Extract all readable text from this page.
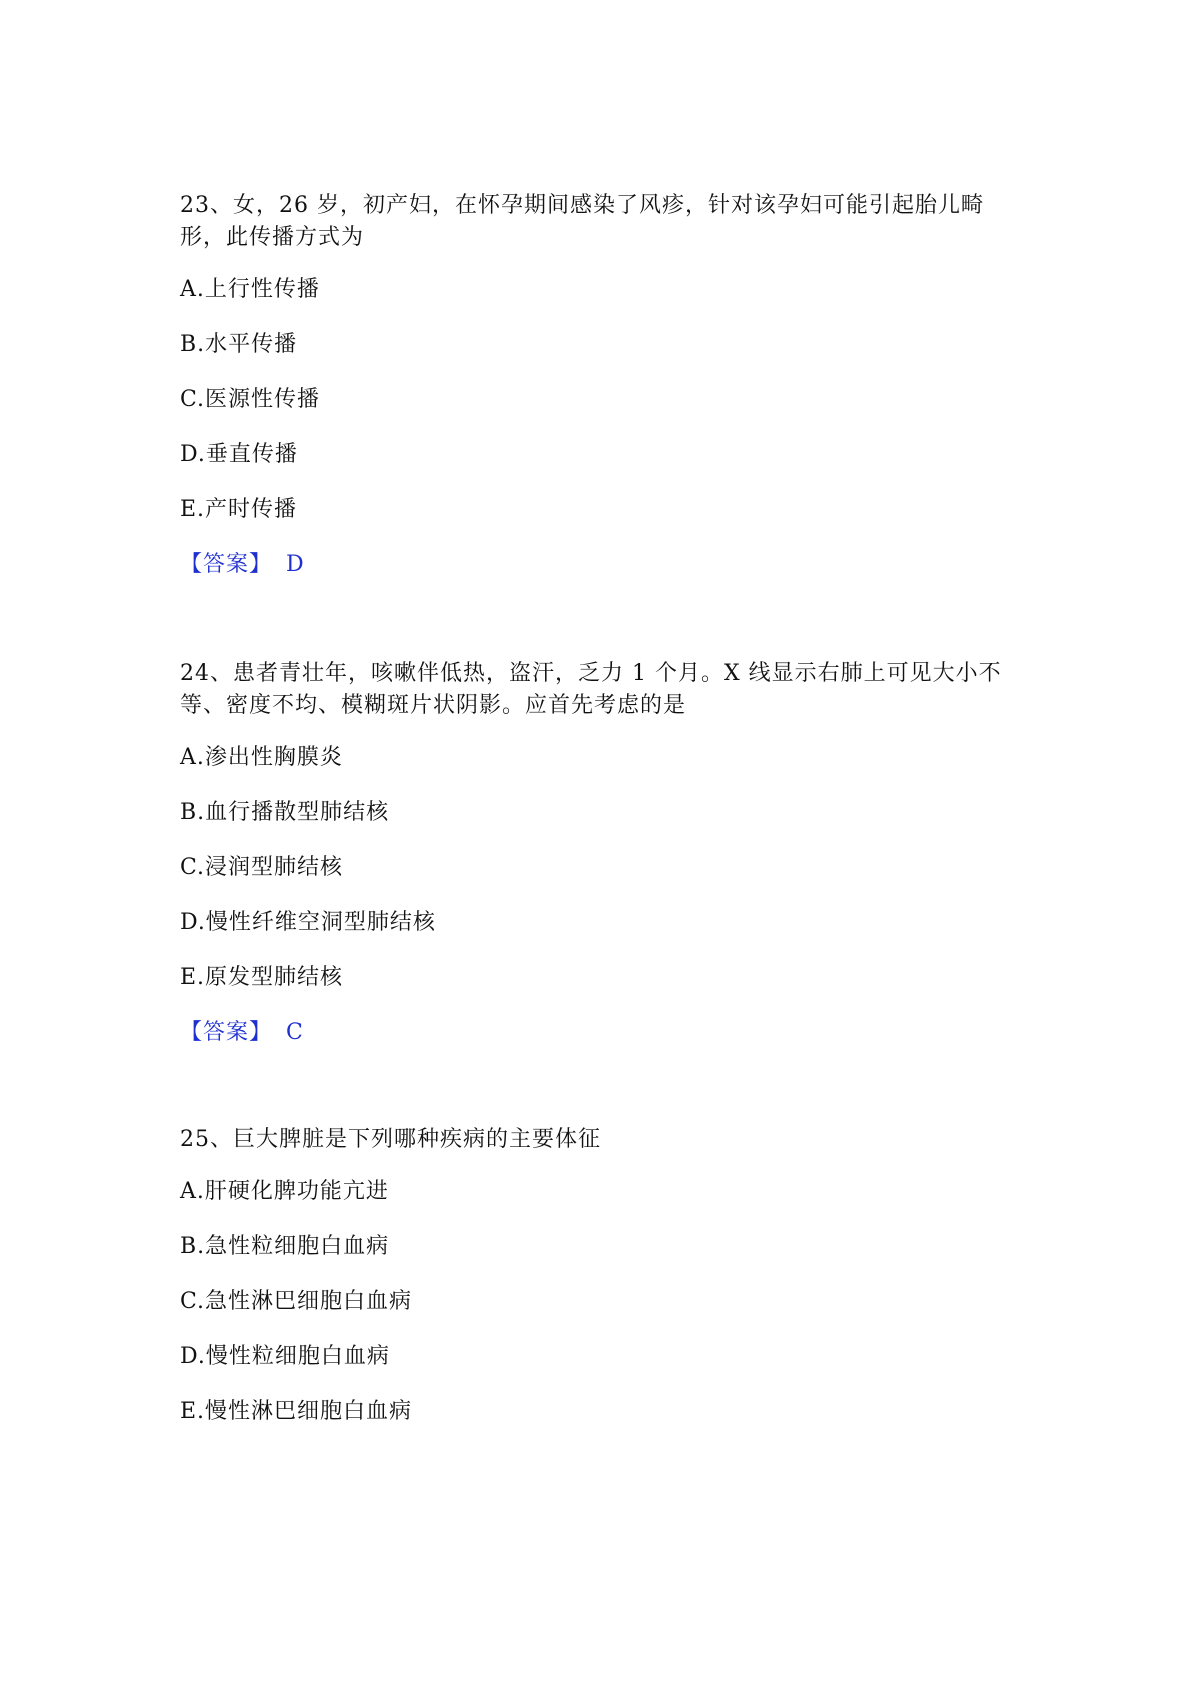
23、女，26 岁，初产妇，在怀孕期间感染了风疹，针对该孕妇可能引起胎儿畸形，此传播方式为

A.上行性传播

B.水平传播

C.医源性传播

D.垂直传播

E.产时传播

【答案】 D

24、患者青壮年，咳嗽伴低热，盗汗，乏力 1 个月。X 线显示右肺上可见大小不等、密度不均、模糊斑片状阴影。应首先考虑的是

A.渗出性胸膜炎

B.血行播散型肺结核

C.浸润型肺结核

D.慢性纤维空洞型肺结核

E.原发型肺结核

【答案】 C

25、巨大脾脏是下列哪种疾病的主要体征

A.肝硬化脾功能亢进

B.急性粒细胞白血病

C.急性淋巴细胞白血病

D.慢性粒细胞白血病

E.慢性淋巴细胞白血病
